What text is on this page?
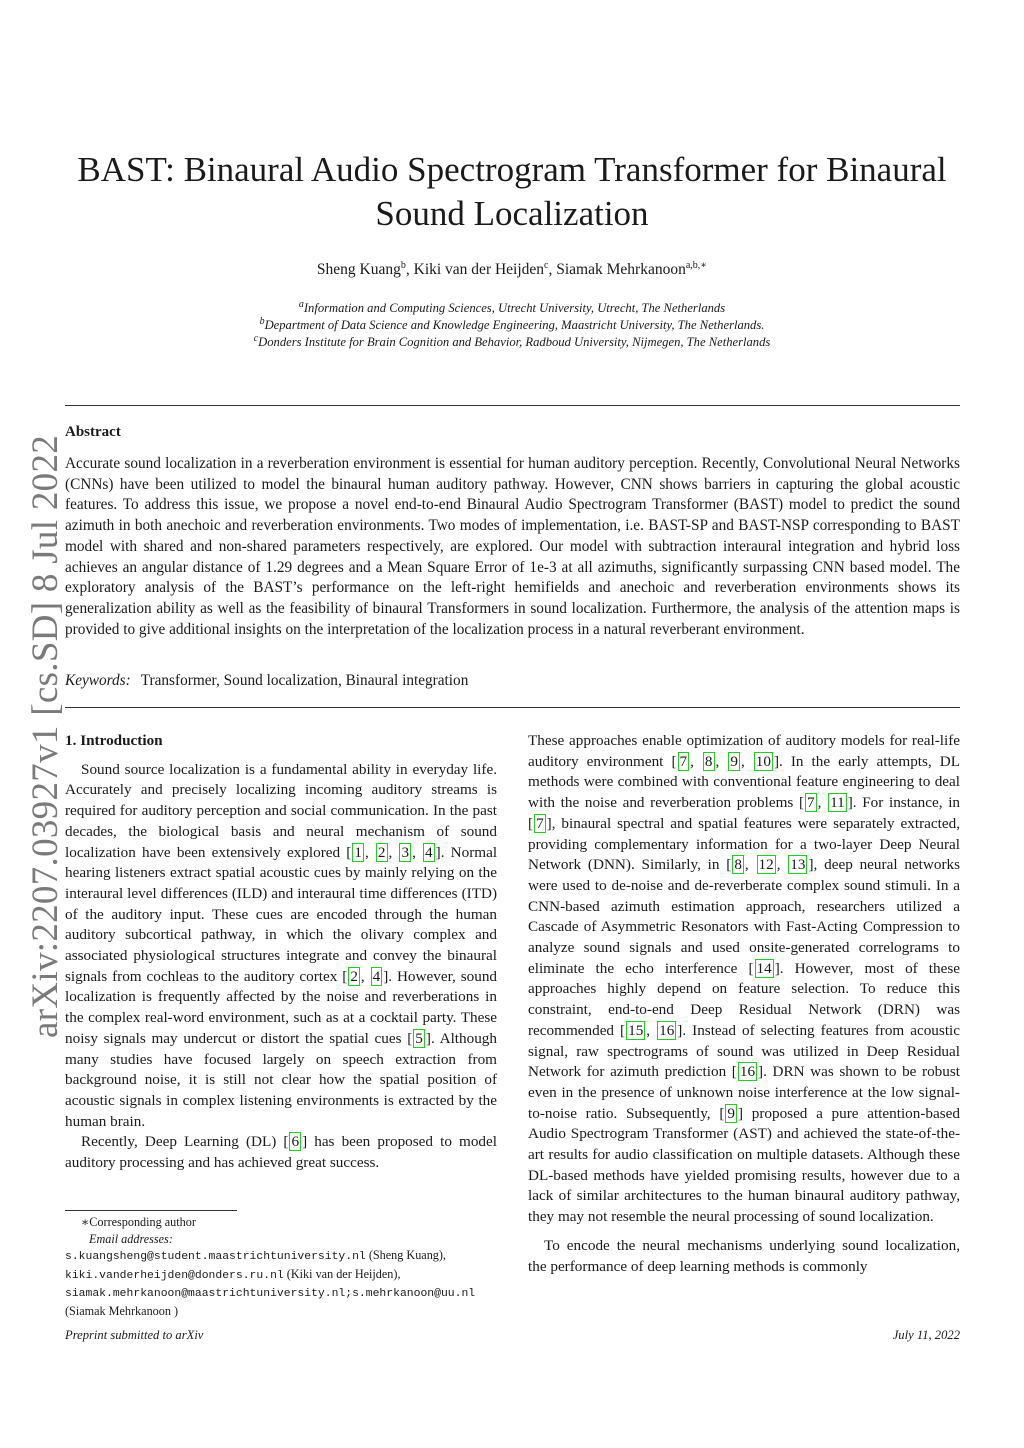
arXiv:2207.03927v1 [cs.SD] 8 Jul 2022
BAST: Binaural Audio Spectrogram Transformer for Binaural Sound Localization
Sheng Kuang$^b$, Kiki van der Heijden$^c$, Siamak Mehrkanoon$^{a,b,∗}$
$^a$Information and Computing Sciences, Utrecht University, Utrecht, The Netherlands
$^b$Department of Data Science and Knowledge Engineering, Maastricht University, The Netherlands.
$^c$Donders Institute for Brain Cognition and Behavior, Radboud University, Nijmegen, The Netherlands
Abstract
Accurate sound localization in a reverberation environment is essential for human auditory perception. Recently, Convolutional Neural Networks (CNNs) have been utilized to model the binaural human auditory pathway. However, CNN shows barriers in capturing the global acoustic features. To address this issue, we propose a novel end-to-end Binaural Audio Spectrogram Transformer (BAST) model to predict the sound azimuth in both anechoic and reverberation environments. Two modes of implementation, i.e. BAST-SP and BAST-NSP corresponding to BAST model with shared and non-shared parameters respectively, are explored. Our model with subtraction interaural integration and hybrid loss achieves an angular distance of 1.29 degrees and a Mean Square Error of 1e-3 at all azimuths, significantly surpassing CNN based model. The exploratory analysis of the BAST’s performance on the left-right hemifields and anechoic and reverberation environments shows its generalization ability as well as the feasibility of binaural Transformers in sound localization. Furthermore, the analysis of the attention maps is provided to give additional insights on the interpretation of the localization process in a natural reverberant environment.
Keywords: Transformer, Sound localization, Binaural integration
1. Introduction

Sound source localization is a fundamental ability in everyday life. Accurately and precisely localizing incoming auditory streams is required for auditory perception and social communication. In the past decades, the biological basis and neural mechanism of sound localization have been extensively explored [ 1 , 2 , 3 , 4 ]. Normal hearing listeners extract spatial acoustic cues by mainly relying on the interaural level differences (ILD) and interaural time differences (ITD) of the auditory input. These cues are encoded through the human auditory subcortical pathway, in which the olivary complex and associated physiological structures integrate and convey the binaural signals from cochleas to the auditory cortex [ 2 , 4 ]. However, sound localization is frequently affected by the noise and reverberations in the complex real-word environment, such as at a cocktail party. These noisy signals may undercut or distort the spatial cues [ 5 ]. Although many studies have focused largely on speech extraction from background noise, it is still not clear how the spatial position of acoustic signals in complex listening environments is extracted by the human brain.

Recently, Deep Learning (DL) [ 6 ] has been proposed to model auditory processing and has achieved great success.

These approaches enable optimization of auditory models for real-life auditory environment [ 7 , 8 , 9 , 10 ]. In the early attempts, DL methods were combined with conventional feature engineering to deal with the noise and reverberation problems [ 7 , 11 ]. For instance, in [ 7 ], binaural spectral and spatial features were separately extracted, providing complementary information for a two-layer Deep Neural Network (DNN). Similarly, in [ 8 , 12 , 13 ], deep neural networks were used to de-noise and de-reverberate complex sound stimuli. In a CNN-based azimuth estimation approach, researchers utilized a Cascade of Asymmetric Resonators with Fast-Acting Compression to analyze sound signals and used onsite-generated correlograms to eliminate the echo interference [ 14 ]. However, most of these approaches highly depend on feature selection. To reduce this constraint, end-to-end Deep Residual Network (DRN) was recommended [ 15 , 16 ]. Instead of selecting features from acoustic signal, raw spectrograms of sound was utilized in Deep Residual Network for azimuth prediction [ 16 ]. DRN was shown to be robust even in the presence of unknown noise interference at the low signal-to-noise ratio. Subsequently, [ 9 ] proposed a pure attention-based Audio Spectrogram Transformer (AST) and achieved the state-of-the-art results for audio classification on multiple datasets. Although these DL-based methods have yielded promising results, however due to a lack of similar architectures to the human binaural auditory pathway, they may not resemble the neural processing of sound localization.

To encode the neural mechanisms underlying sound localization, the performance of deep learning methods is commonly

∗Corresponding author
Email addresses:
s.kuangsheng@student.maastrichtuniversity.nl (Sheng Kuang),
kiki.vanderheijden@donders.ru.nl (Kiki van der Heijden),
siamak.mehrkanoon@maastrichtuniversity.nl;s.mehrkanoon@uu.nl
(Siamak Mehrkanoon )
Preprint submitted to arXiv	July 11, 2022
